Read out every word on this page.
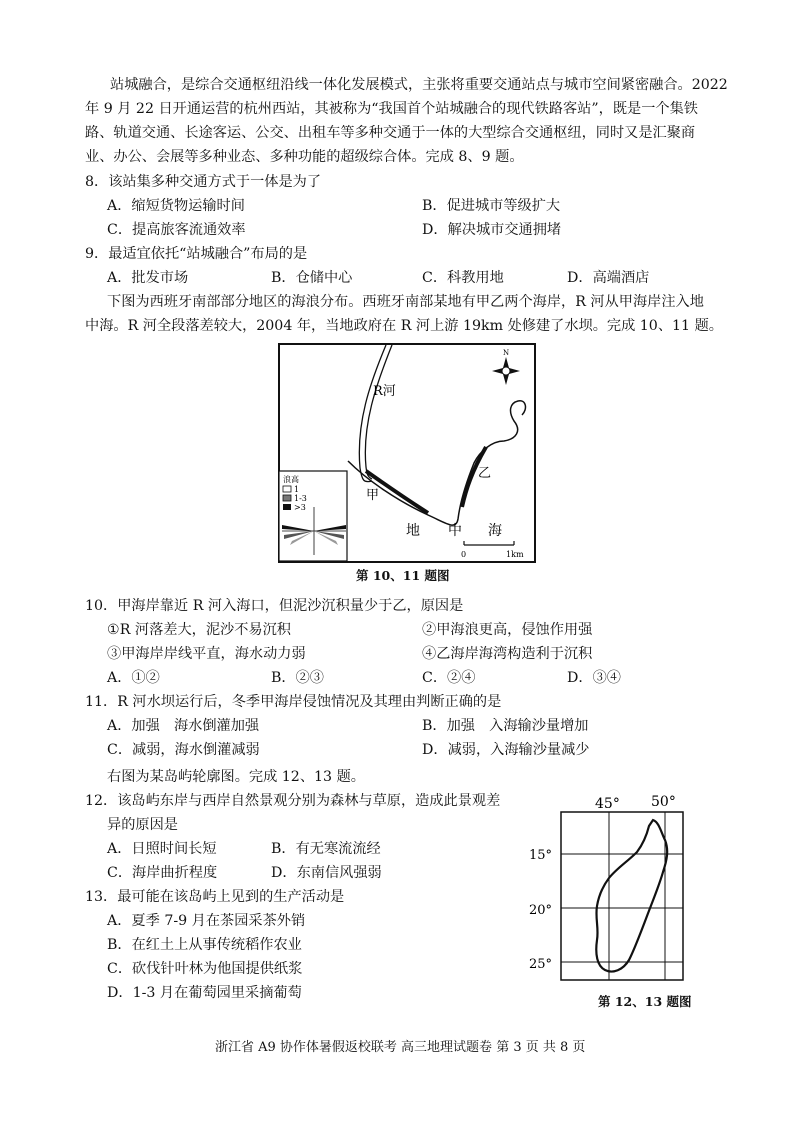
站城融合，是综合交通枢纽沿线一体化发展模式，主张将重要交通站点与城市空间紧密融合。2022
年 9 月 22 日开通运营的杭州西站，其被称为“我国首个站城融合的现代铁路客站”，既是一个集铁
路、轨道交通、长途客运、公交、出租车等多种交通于一体的大型综合交通枢纽，同时又是汇聚商
业、办公、会展等多种业态、多种功能的超级综合体。完成 8、9 题。
8．该站集多种交通方式于一体是为了
A．缩短货物运输时间	B．促进城市等级扩大
C．提高旅客流通效率	D．解决城市交通拥堵
9．最适宜依托“站城融合”布局的是
A．批发市场	B．仓储中心	C．科教用地	D．高端酒店
下图为西班牙南部部分地区的海浪分布。西班牙南部某地有甲乙两个海岸，R 河从甲海岸注入地
中海。R 河全段落差较大，2004 年，当地政府在 R 河上游 19km 处修建了水坝。完成 10、11 题。
N
浪高
1
1-3
>3
R河
甲
乙
地 中 海
0	1km
第 10、11 题图
10．甲海岸靠近 R 河入海口，但泥沙沉积量少于乙，原因是
①R 河落差大，泥沙不易沉积	②甲海浪更高，侵蚀作用强
③甲海岸岸线平直，海水动力弱	④乙海岸海湾构造利于沉积
A．①②	B．②③	C．②④	D．③④
11．R 河水坝运行后，冬季甲海岸侵蚀情况及其理由判断正确的是
A．加强　海水倒灌加强	B．加强　入海输沙量增加
C．减弱，海水倒灌减弱	D．减弱，入海输沙量减少
右图为某岛屿轮廓图。完成 12、13 题。
12．该岛屿东岸与西岸自然景观分别为森林与草原，造成此景观差
异的原因是
A．日照时间长短	B．有无寒流流经
C．海岸曲折程度	D．东南信风强弱
13．最可能在该岛屿上见到的生产活动是
A．夏季 7-9 月在茶园采茶外销
B．在红土上从事传统稻作农业
C．砍伐针叶林为他国提供纸浆
D．1-3 月在葡萄园里采摘葡萄
45° 50°
15°
20°
25°
第 12、13 题图
浙江省 A9 协作体暑假返校联考 高三地理试题卷 第 3 页 共 8 页
